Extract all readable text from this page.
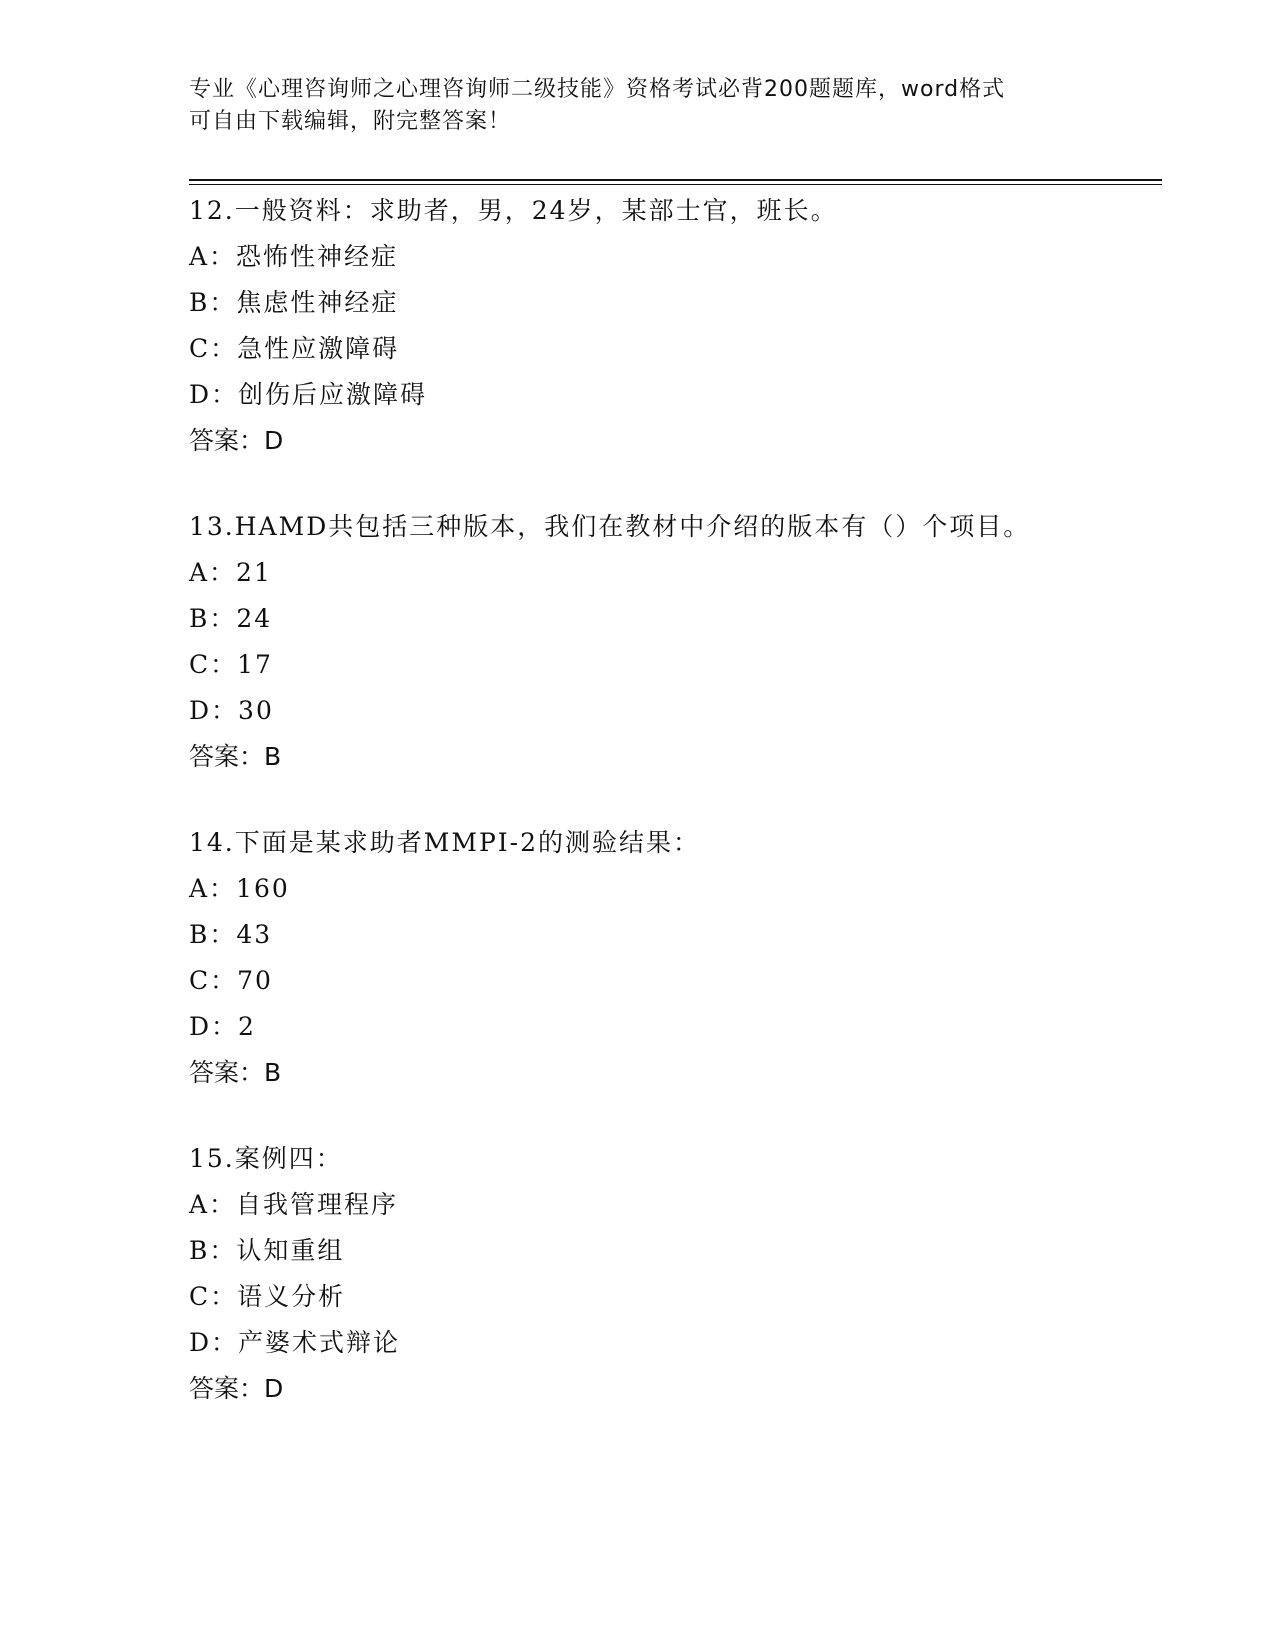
专业《心理咨询师之心理咨询师二级技能》资格考试必背200题题库，word格式
可自由下载编辑，附完整答案！
12.一般资料：求助者，男，24岁，某部士官，班长。
A：恐怖性神经症
B：焦虑性神经症
C：急性应激障碍
D：创伤后应激障碍
答案：D
13.HAMD共包括三种版本，我们在教材中介绍的版本有（）个项目。
A：21
B：24
C：17
D：30
答案：B
14.下面是某求助者MMPI-2的测验结果：
A：160
B：43
C：70
D：2
答案：B
15.案例四：
A：自我管理程序
B：认知重组
C：语义分析
D：产婆术式辩论
答案：D
